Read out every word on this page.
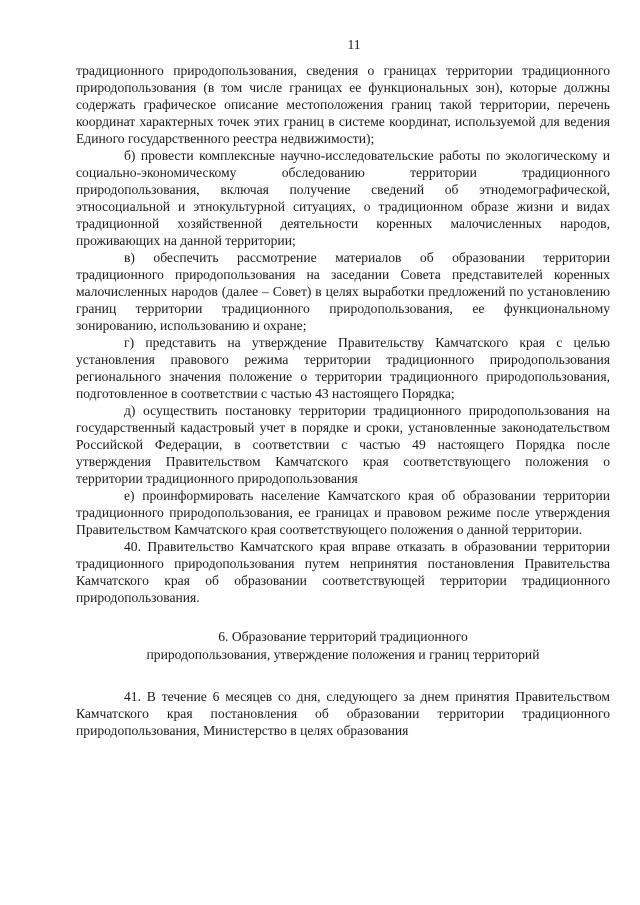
11

традиционного природопользования, сведения о границах территории традиционного природопользования (в том числе границах ее функциональных зон), которые должны содержать графическое описание местоположения границ такой территории, перечень координат характерных точек этих границ в системе координат, используемой для ведения Единого государственного реестра недвижимости);

б) провести комплексные научно-исследовательские работы по экологическому и социально-экономическому обследованию территории традиционного природопользования, включая получение сведений об этнодемографической, этносоциальной и этнокультурной ситуациях, о традиционном образе жизни и видах традиционной хозяйственной деятельности коренных малочисленных народов, проживающих на данной территории;

в) обеспечить рассмотрение материалов об образовании территории традиционного природопользования на заседании Совета представителей коренных малочисленных народов (далее – Совет) в целях выработки предложений по установлению границ территории традиционного природопользования, ее функциональному зонированию, использованию и охране;

г) представить на утверждение Правительству Камчатского края с целью установления правового режима территории традиционного природопользования регионального значения положение о территории традиционного природопользования, подготовленное в соответствии с частью 43 настоящего Порядка;

д) осуществить постановку территории традиционного природопользования на государственный кадастровый учет в порядке и сроки, установленные законодательством Российской Федерации, в соответствии с частью 49 настоящего Порядка после утверждения Правительством Камчатского края соответствующего положения о территории традиционного природопользования

е) проинформировать население Камчатского края об образовании территории традиционного природопользования, ее границах и правовом режиме после утверждения Правительством Камчатского края соответствующего положения о данной территории.

40. Правительство Камчатского края вправе отказать в образовании территории традиционного природопользования путем непринятия постановления Правительства Камчатского края об образовании соответствующей территории традиционного природопользования.

6. Образование территорий традиционного
природопользования, утверждение положения и границ территорий

41. В течение 6 месяцев со дня, следующего за днем принятия Правительством Камчатского края постановления об образовании территории традиционного природопользования, Министерство в целях образования
